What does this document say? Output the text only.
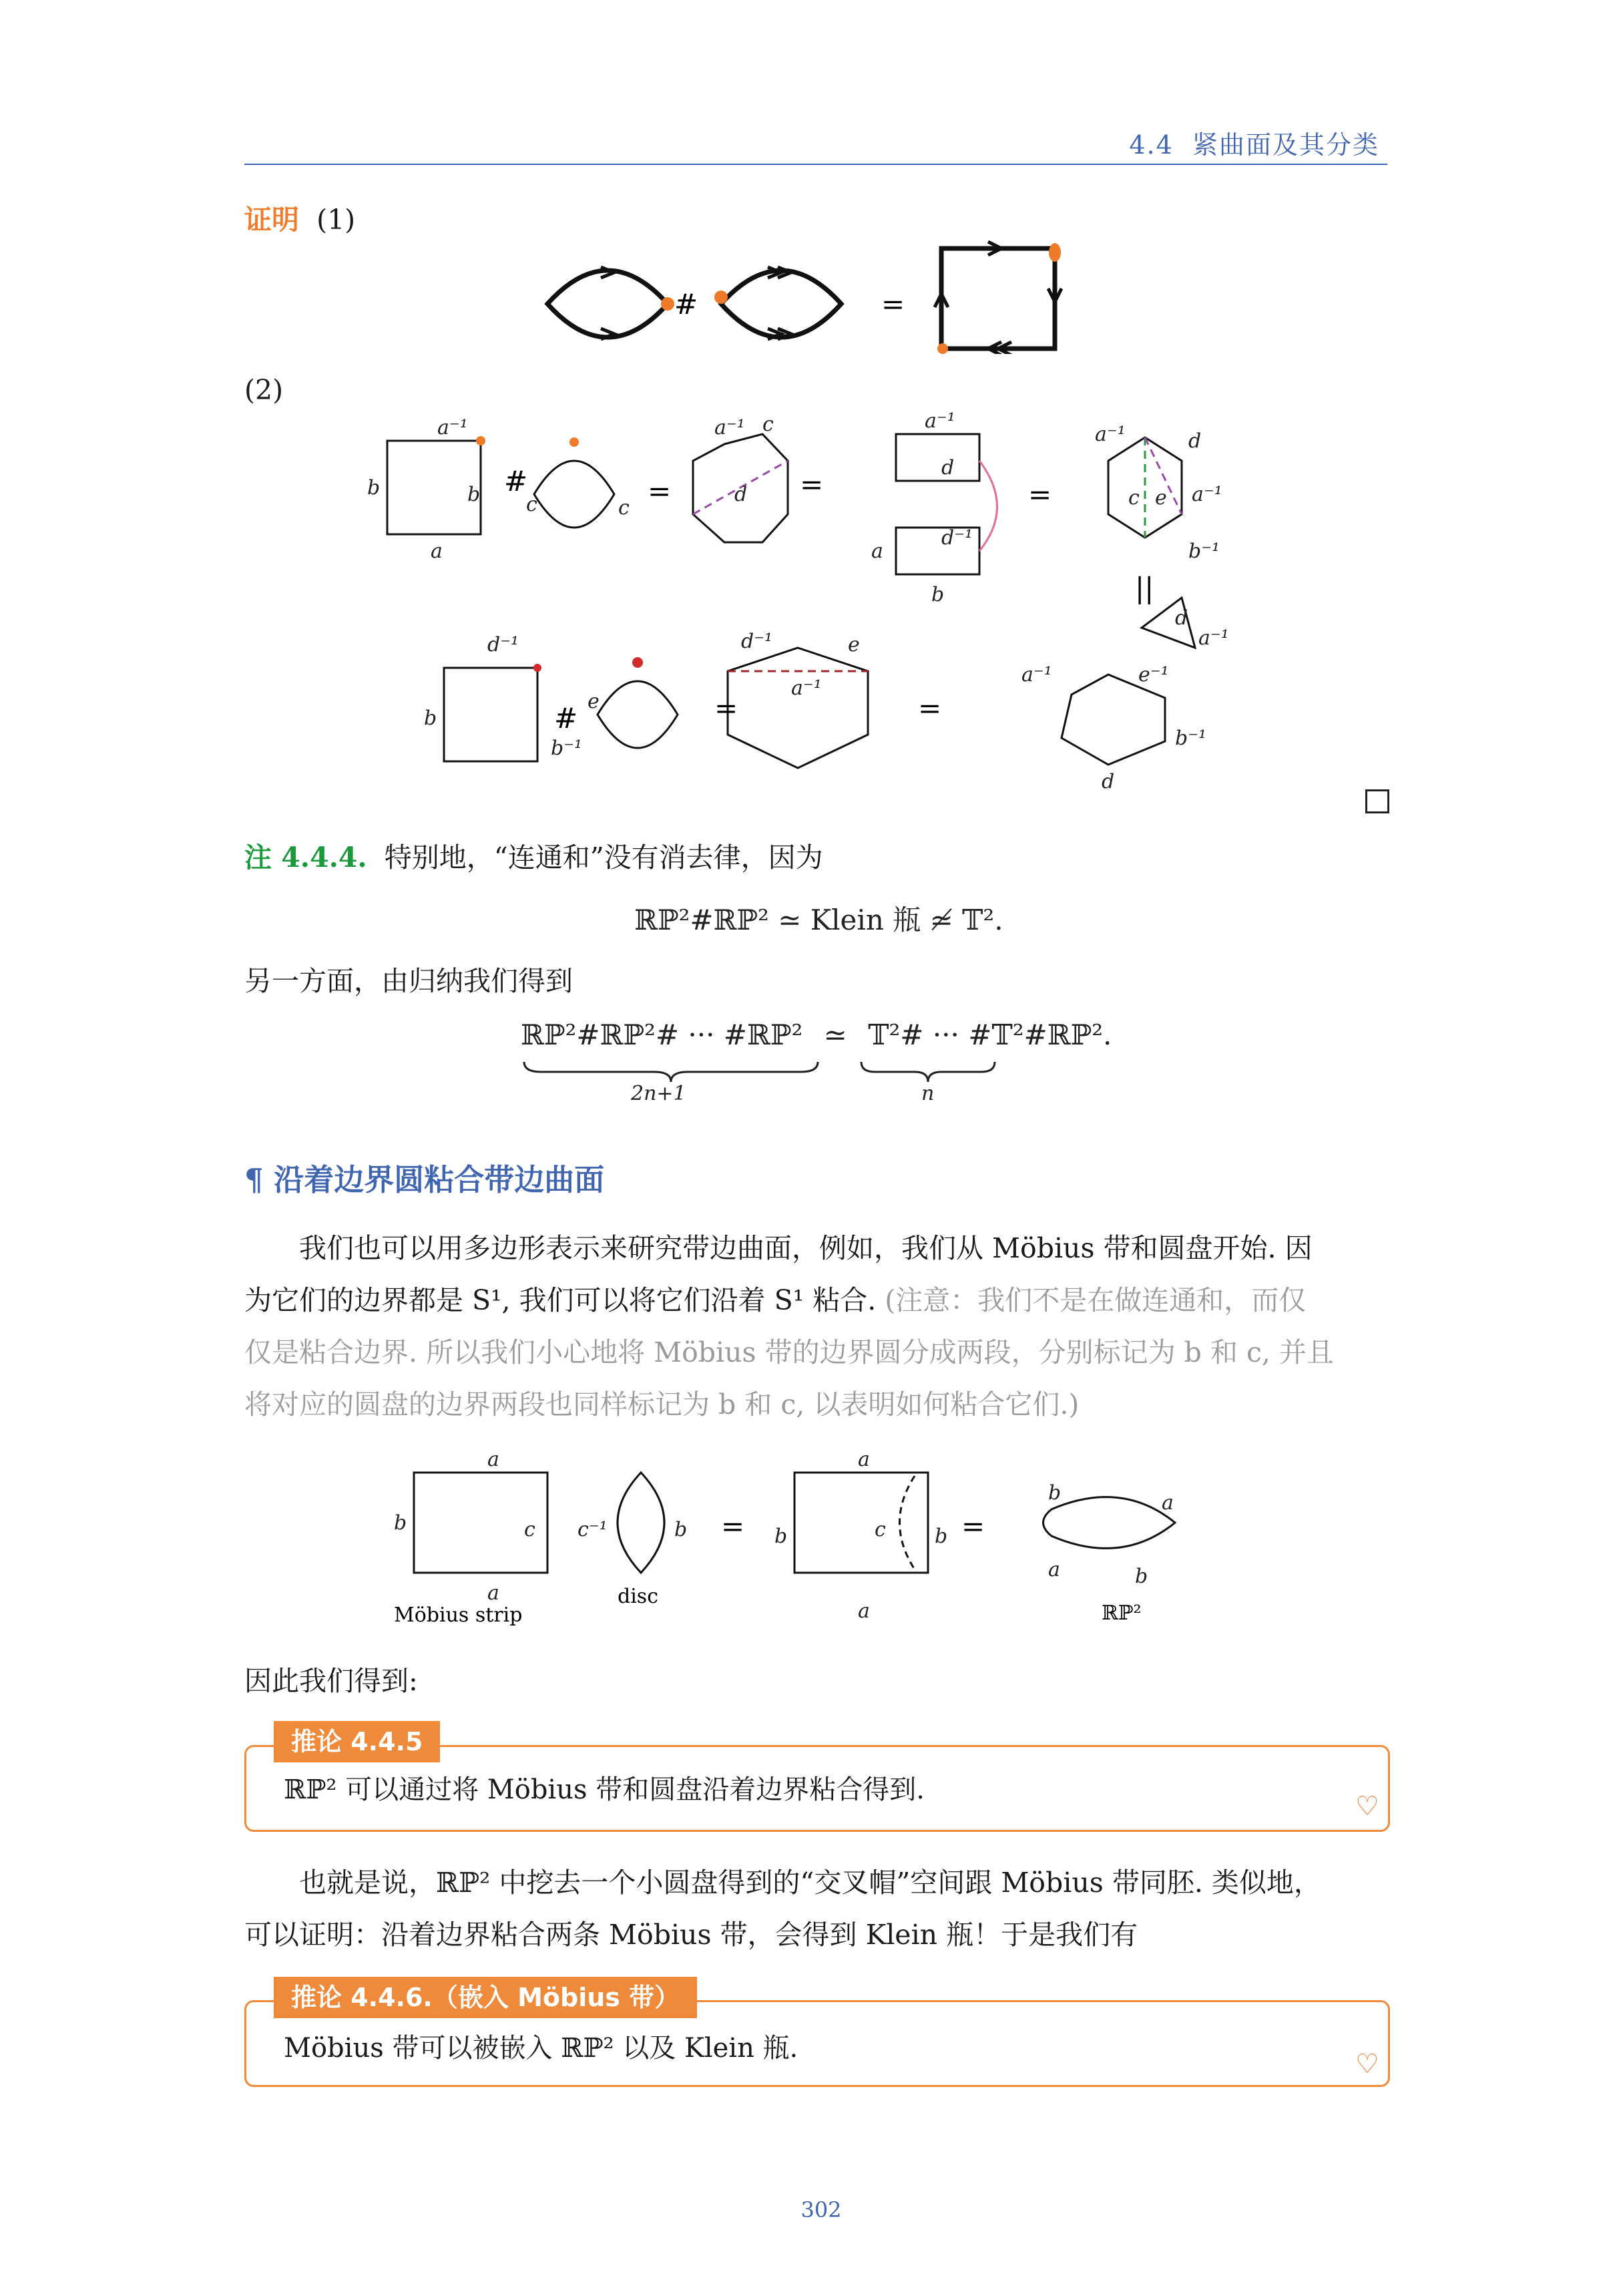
4.4 紧曲面及其分类
证明 (1)
#	=
(2)
a⁻¹
b	b
a
#
c	c
=
a⁻¹ c
d =
a⁻¹
d
d⁻¹
b
a
=
a⁻¹	d
a⁻¹
b⁻¹
c e
||
d⁻¹
b	#
b⁻¹
e	=
d⁻¹	e
a⁻¹
=
a⁻¹
a⁻¹
d
e⁻¹
b⁻¹
d
注 4.4.4. 特别地，“连通和”没有消去律，因为
ℝℙ²#ℝℙ² ≃ Klein 瓶 ≄ 𝕋².
另一方面，由归纳我们得到
ℝℙ²#ℝℙ²# ··· #ℝℙ² ≃ 𝕋²# ··· #𝕋²#ℝℙ².
2n+1	n
¶ 沿着边界圆粘合带边曲面
我们也可以用多边形表示来研究带边曲面，例如，我们从 Möbius 带和圆盘开始. 因
为它们的边界都是 S¹, 我们可以将它们沿着 S¹ 粘合. (注意：我们不是在做连通和，而仅
仅是粘合边界. 所以我们小心地将 Möbius 带的边界圆分成两段，分别标记为 b 和 c, 并且
将对应的圆盘的边界两段也同样标记为 b 和 c, 以表明如何粘合它们.)
a
a
b	c c⁻¹	b =
a
a
b	c b =
b	a
a	b
Möbius strip
disc
ℝℙ²
因此我们得到:
推论 4.4.5
ℝℙ² 可以通过将 Möbius 带和圆盘沿着边界粘合得到.
♡
也就是说，ℝℙ² 中挖去一个小圆盘得到的“交叉帽”空间跟 Möbius 带同胚. 类似地，
可以证明：沿着边界粘合两条 Möbius 带，会得到 Klein 瓶！于是我们有
推论 4.4.6.（嵌入 Möbius 带）
Möbius 带可以被嵌入 ℝℙ² 以及 Klein 瓶.
♡
302
